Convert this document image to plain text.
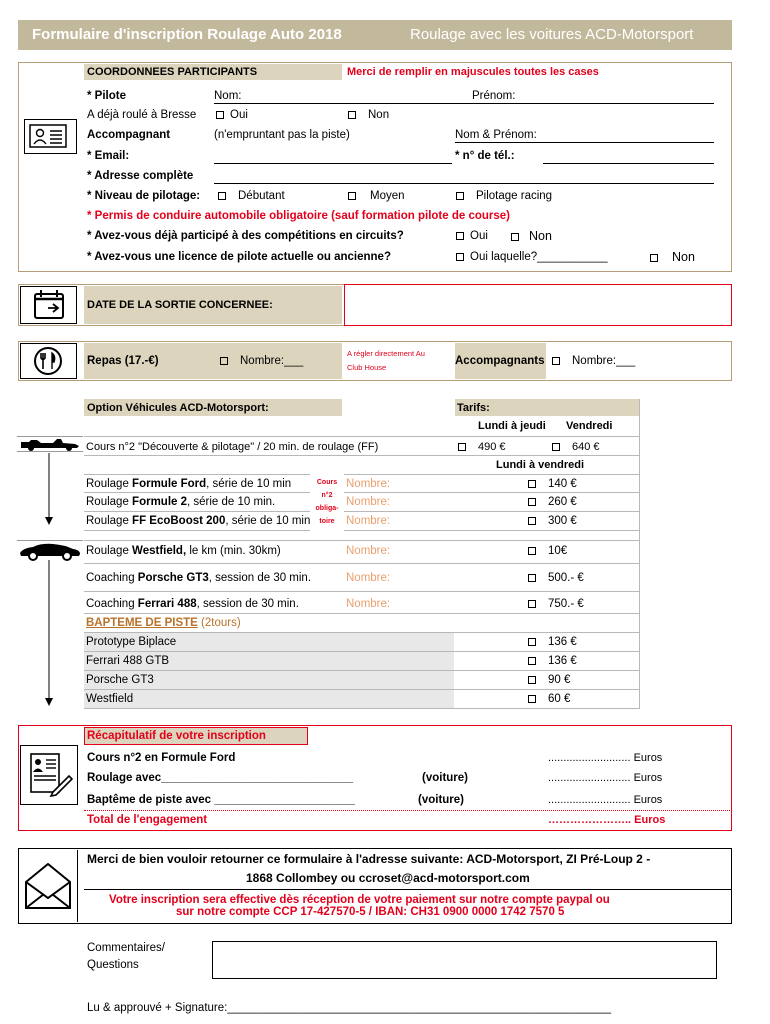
Formulaire d'inscription Roulage Auto 2018	Roulage avec les voitures ACD-Motorsport
COORDONNEES PARTICIPANTS	Merci de remplir en majuscules toutes les cases
* Pilote	Nom:	Prénom:
A déjà roulé à Bresse	Oui	Non
Accompagnant	(n'empruntant pas la piste)	Nom & Prénom:
* Email:	* n° de tél.:
* Adresse complète
* Niveau de pilotage:	Débutant	Moyen	Pilotage racing
* Permis de conduire automobile obligatoire (sauf formation pilote de course)
* Avez-vous déjà participé à des compétitions en circuits?	Oui	Non
* Avez-vous une licence de pilote actuelle ou ancienne?	Oui laquelle?___________	Non
DATE DE LA SORTIE CONCERNEE:
Repas (17.-€)	Nombre:___
A régler directement Au
Club House
Accompagnants	Nombre:___
Option Véhicules ACD-Motorsport:	Tarifs:
Lundi à jeudi Vendredi
Cours n°2 "Découverte & pilotage" / 20 min. de roulage (FF)	490 €	640 €
Lundi à vendredi
Roulage Formule Ford, série de 10 min	Nombre:	140 €
Roulage Formule 2, série de 10 min.	Nombre:	260 €
Roulage FF EcoBoost 200, série de 10 min	Nombre:	300 €
Cours
n°2
obliga-
toire
Roulage Westfield, le km (min. 30km)	Nombre:	10€
Coaching Porsche GT3, session de 30 min.	Nombre:	500.- €
Coaching Ferrari 488, session de 30 min.	Nombre:	750.- €
BAPTEME DE PISTE (2tours)
Prototype Biplace	136 €
Ferrari 488 GTB	136 €
Porsche GT3	90 €
Westfield	60 €
Récapitulatif de votre inscription
Cours n°2 en Formule Ford	........................... Euros
Roulage avec______________________________	(voiture)	........................... Euros
Baptême de piste avec ______________________	(voiture)	........................... Euros
Total de l'engagement	………………….. Euros
Merci de bien vouloir retourner ce formulaire à l'adresse suivante: ACD-Motorsport, ZI Pré-Loup 2 -
1868 Collombey ou ccroset@acd-motorsport.com
Votre inscription sera effective dès réception de votre paiement sur notre compte paypal ou
sur notre compte CCP 17-427570-5 / IBAN: CH31 0900 0000 1742 7570 5
Commentaires/
Questions
Lu & approuvé + Signature:____________________________________________________________
